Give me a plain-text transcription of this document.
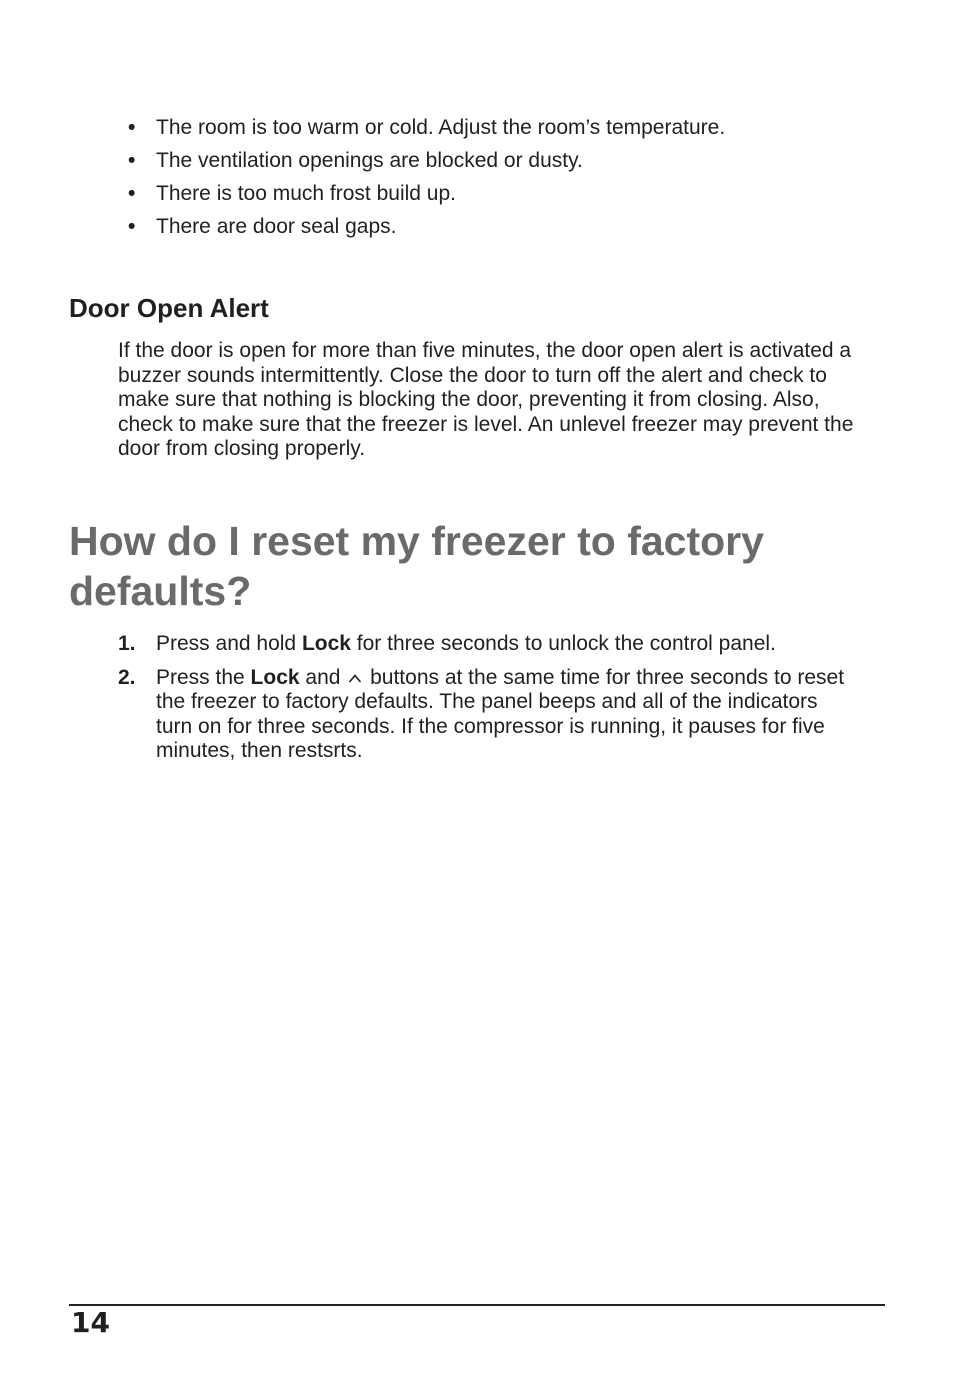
• The room is too warm or cold. Adjust the room’s temperature.
• The ventilation openings are blocked or dusty.
• There is too much frost build up.
• There are door seal gaps.
Door Open Alert

If the door is open for more than five minutes, the door open alert is activated a buzzer sounds intermittently. Close the door to turn off the alert and check to make sure that nothing is blocking the door, preventing it from closing. Also, check to make sure that the freezer is level. An unlevel freezer may prevent the door from closing properly.

How do I reset my freezer to factory defaults?
1. Press and hold Lock for three seconds to unlock the control panel.
2. Press the Lock and  buttons at the same time for three seconds to reset the freezer to factory defaults. The panel beeps and all of the indicators turn on for three seconds. If the compressor is running, it pauses for five minutes, then restsrts.
14
